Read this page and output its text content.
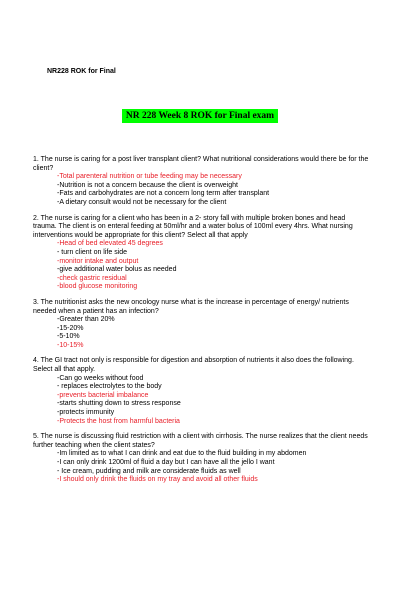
NR228 ROK for Final
NR 228 Week 8 ROK for Final exam

1. The nurse is caring for a post liver transplant client? What nutritional considerations would there be for the client?

-Total parenteral nutrition or tube feeding may be necessary
-Nutrition is not a concern because the client is overweight
-Fats and carbohydrates are not a concern long term after transplant
-A dietary consult would not be necessary for the client

2. The nurse is caring for a client who has been in a 2- story fall with multiple broken bones and head trauma. The client is on enteral feeding at 50ml/hr and a water bolus of 100ml every 4hrs. What nursing interventions would be appropriate for this client? Select all that apply

-Head of bed elevated 45 degrees
- turn client on life side
-monitor intake and output
-give additional water bolus as needed
-check gastric residual
-blood glucose monitoring

3. The nutritionist asks the new oncology nurse what is the increase in percentage of energy/ nutrients needed when a patient has an infection?

-Greater than 20%
-15-20%
-5-10%
-10-15%

4. The GI tract not only is responsible for digestion and absorption of nutrients it also does the following. Select all that apply.

-Can go weeks without food
- replaces electrolytes to the body
-prevents bacterial imbalance
-starts shutting down to stress response
-protects immunity
-Protects the host from harmful bacteria

5. The nurse is discussing fluid restriction with a client with cirrhosis. The nurse realizes that the client needs further teaching when the client states?

-Im limited as to what I can drink and eat due to the fluid building in my abdomen
-I can only drink 1200ml of fluid a day but I can have all the jello I want
- Ice cream, pudding and milk are considerate fluids as well
-I should only drink the fluids on my tray and avoid all other fluids
